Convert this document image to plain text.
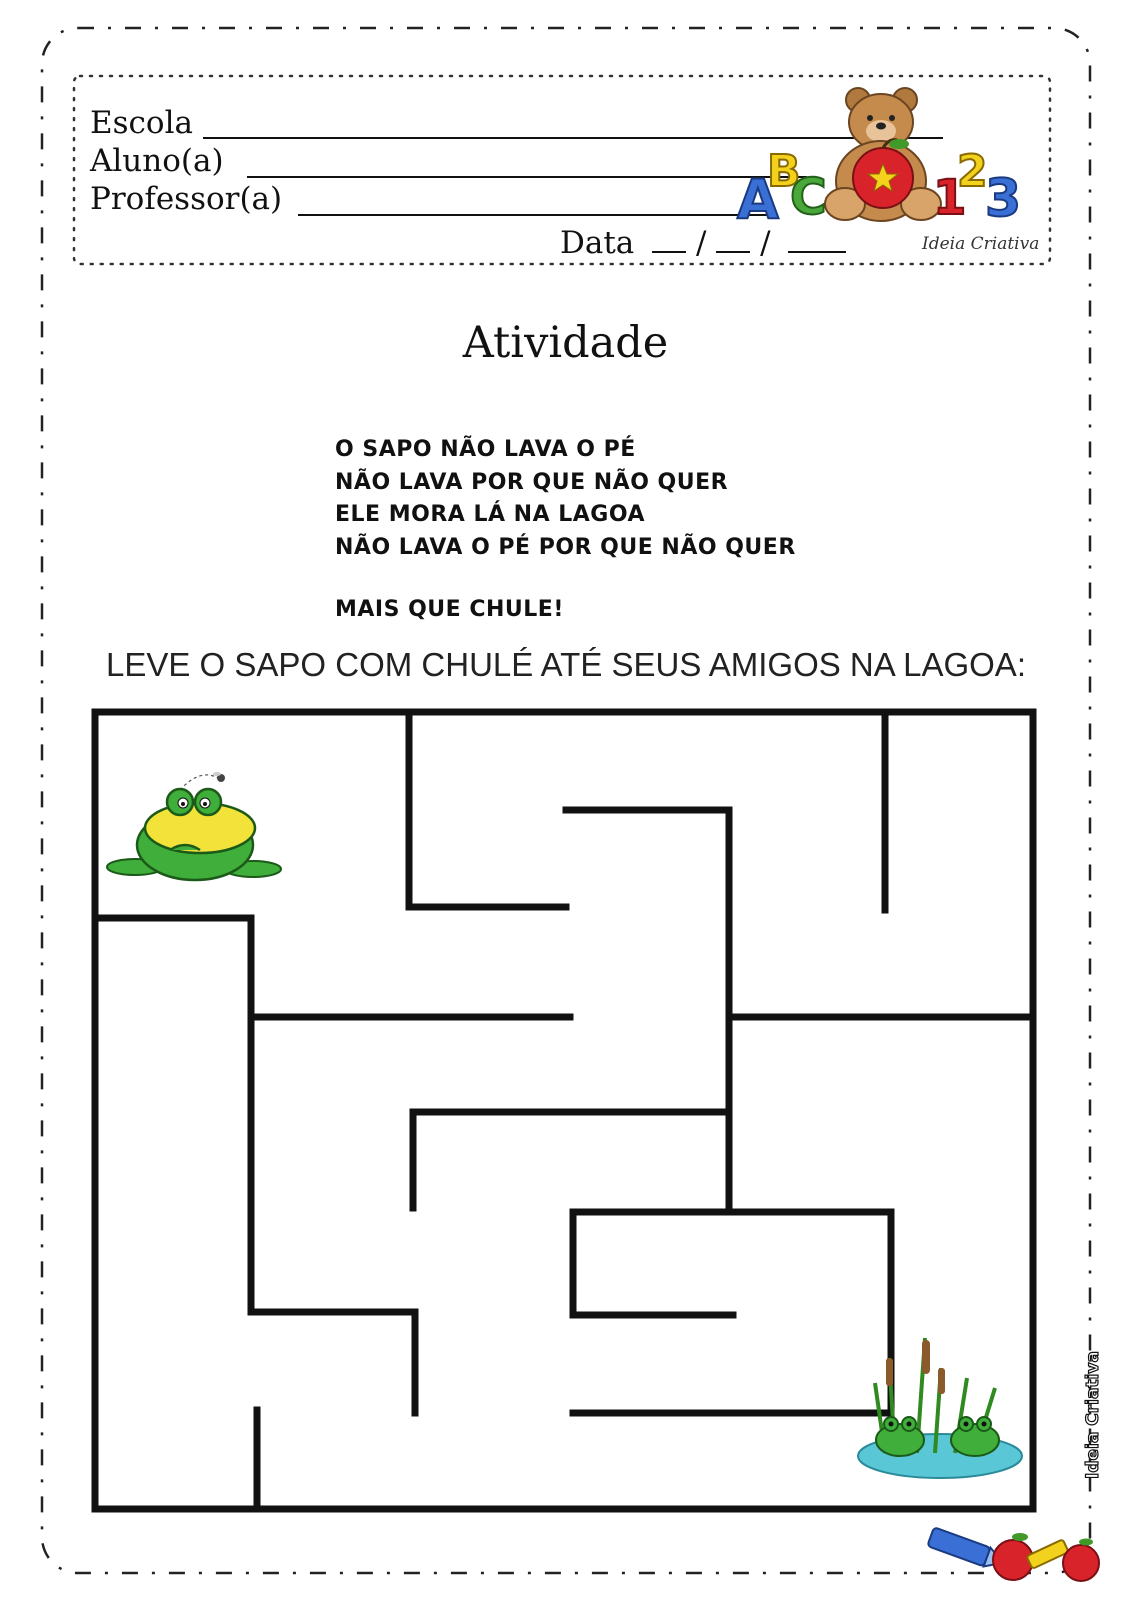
Escola
Aluno(a)
Professor(a)
Data / /
A
B
C 1
2
3
Ideia Criativa
Atividade
O SAPO NÃO LAVA O PÉ
NÃO LAVA POR QUE NÃO QUER
ELE MORA LÁ NA LAGOA
NÃO LAVA O PÉ POR QUE NÃO QUER
MAIS QUE CHULE!
LEVE O SAPO COM CHULÉ ATÉ SEUS AMIGOS NA LAGOA:
Ideia Criativa
